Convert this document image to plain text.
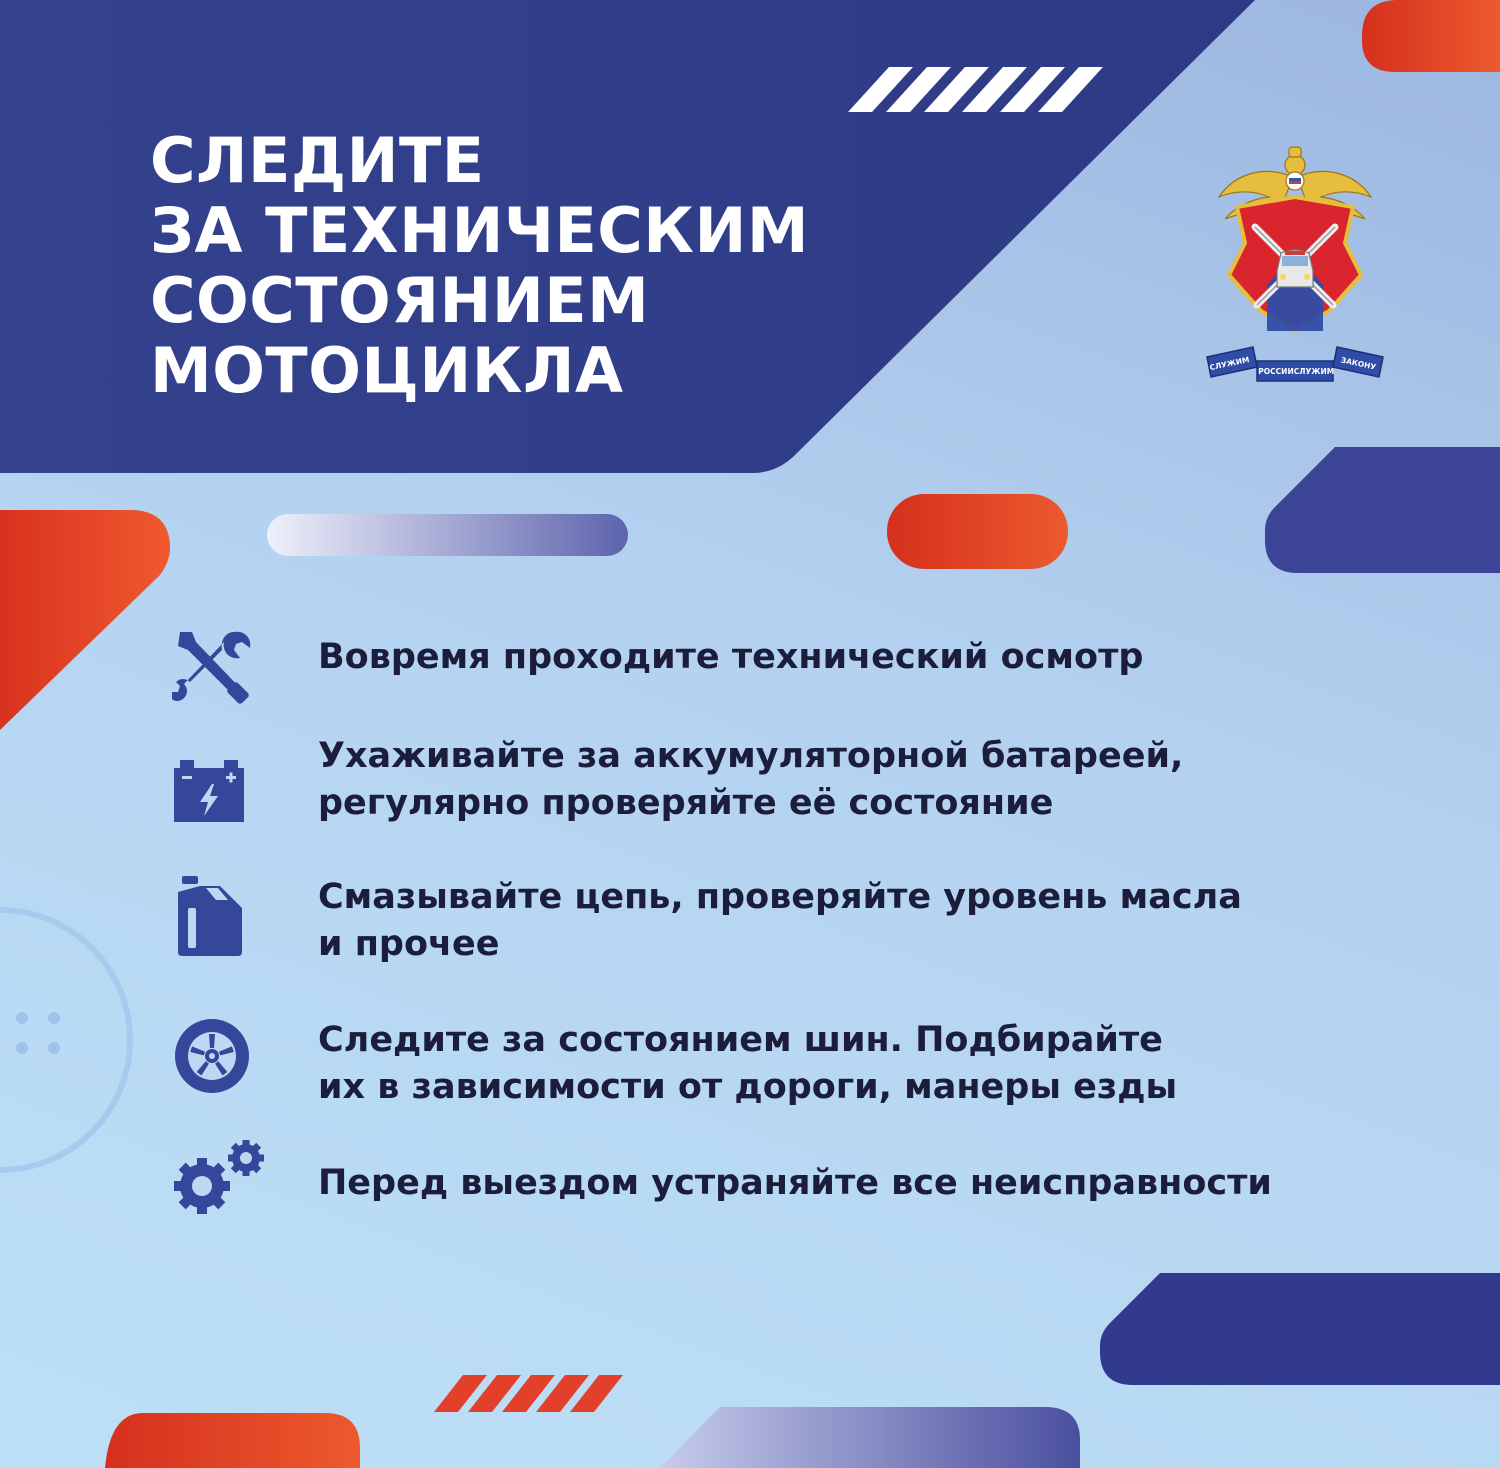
СЛЕДИТЕ

ЗА ТЕХНИЧЕСКИМ

СОСТОЯНИЕМ

МОТОЦИКЛА	СЛУЖИМ РОССИИ СЛУЖИМ ЗАКОНУ

Вовремя проходите технический осмотр

Ухаживайте за аккумуляторной батареей,

регулярно проверяйте её состояние

Смазывайте цепь, проверяйте уровень масла

и прочее

Следите за состоянием шин. Подбирайте

их в зависимости от дороги, манеры езды

Перед выездом устраняйте все неисправности
